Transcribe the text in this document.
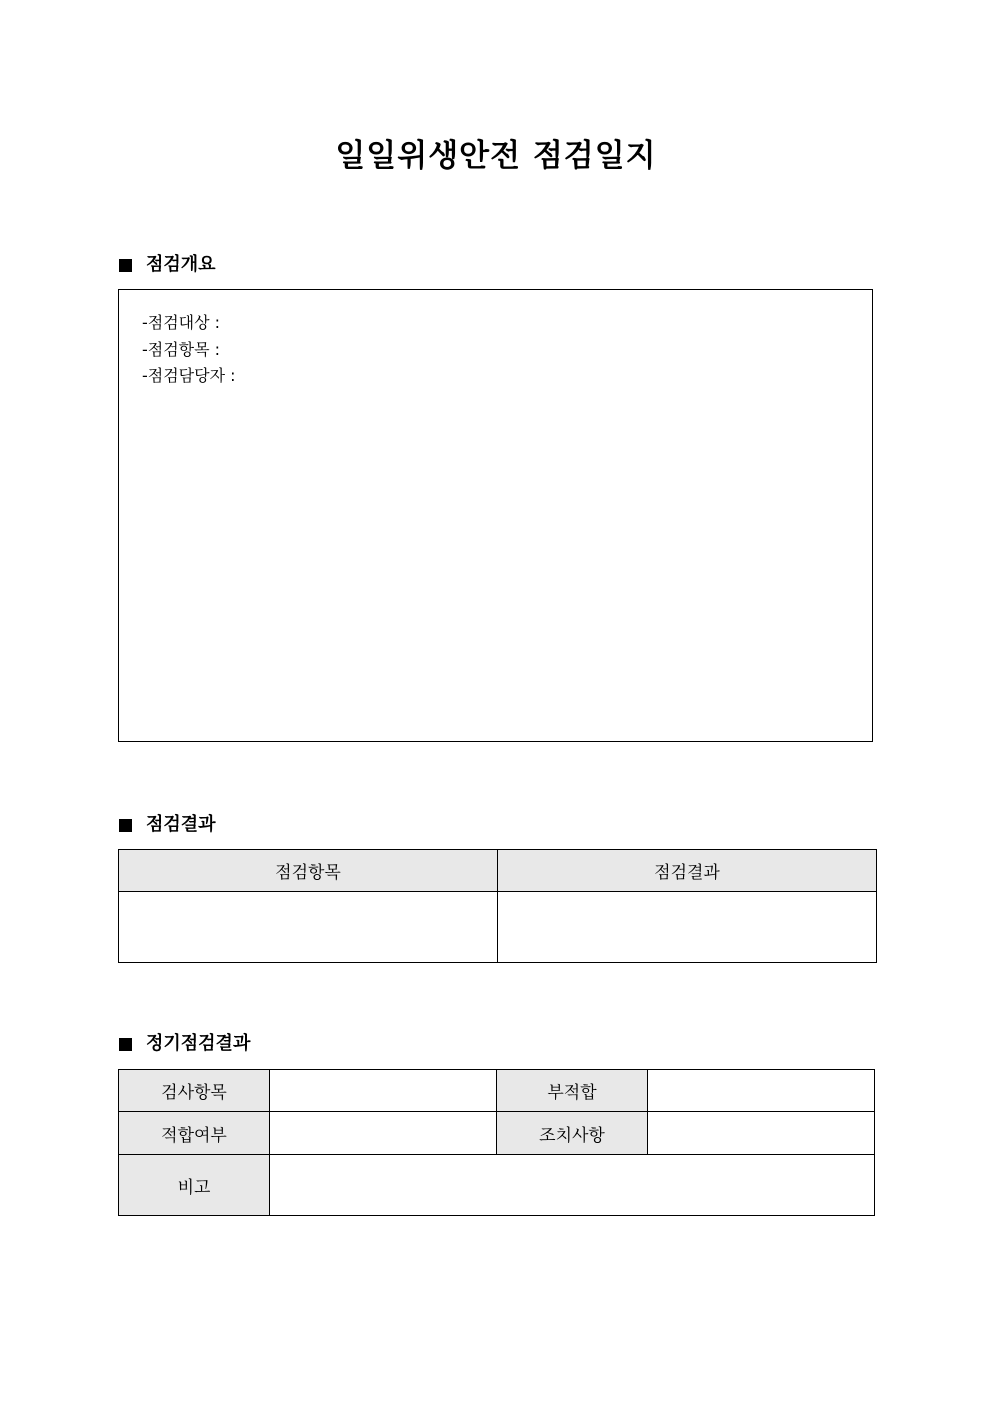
일일위생안전 점검일지
점검개요
-점검대상 :
-점검항목 :
-점검담당자 :
점검결과
점검항목	점검결과

정기점검결과
검사항목		부적합	
적합여부		조치사항	
비고			
